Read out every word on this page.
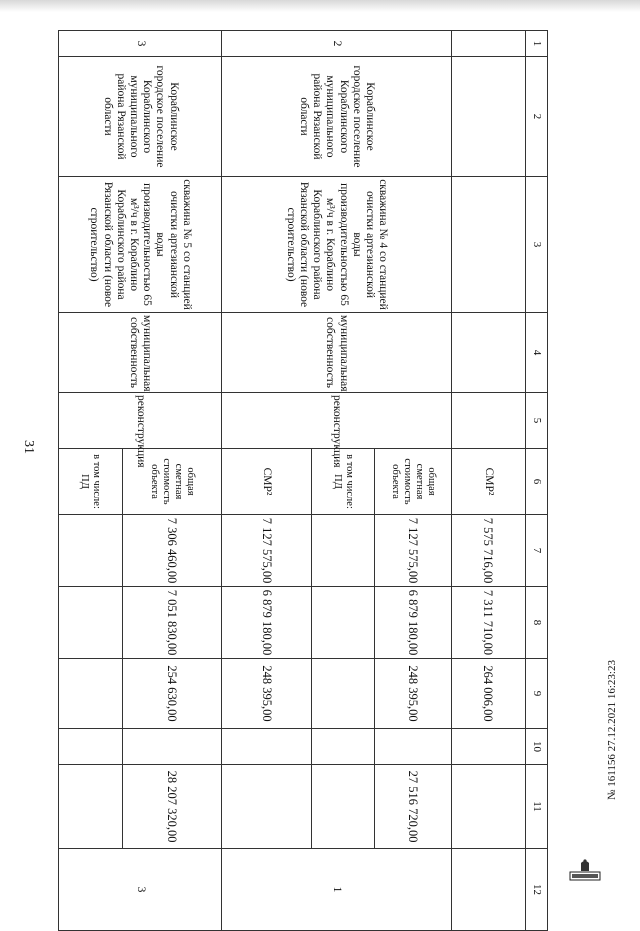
31
1	2	3	4	5	6	7	8	9	10	11	12
					СМР²	7 575 716,00	7 311 710,00	264 006,00			
2	Кораблинское городское поселение Кораблинского муниципального района Рязанской области	скважина № 4 со станцией очистки артезианской воды производительностью 65 м³/ч в г. Кораблино Кораблинского района Рязанской области (новое строительство)	муниципальная собственность	реконструкция	общая сметная стоимость объекта	7 127 575,00	6 879 180,00	248 395,00		27 516 720,00	1
					в том числе: ПД						
					СМР²	7 127 575,00	6 879 180,00	248 395,00			
3	Кораблинское городское поселение Кораблинского муниципального района Рязанской области	скважина № 5 со станцией очистки артезианской воды производительностью 65 м³/ч в г. Кораблино Кораблинского района Рязанской области (новое строительство)	муниципальная собственность	реконструкция	общая сметная стоимость объекта	7 306 460,00	7 051 830,00	254 630,00		28 207 320,00	3
					в том числе: ПД						
№ 161156 27.12.2021 16:23:23
